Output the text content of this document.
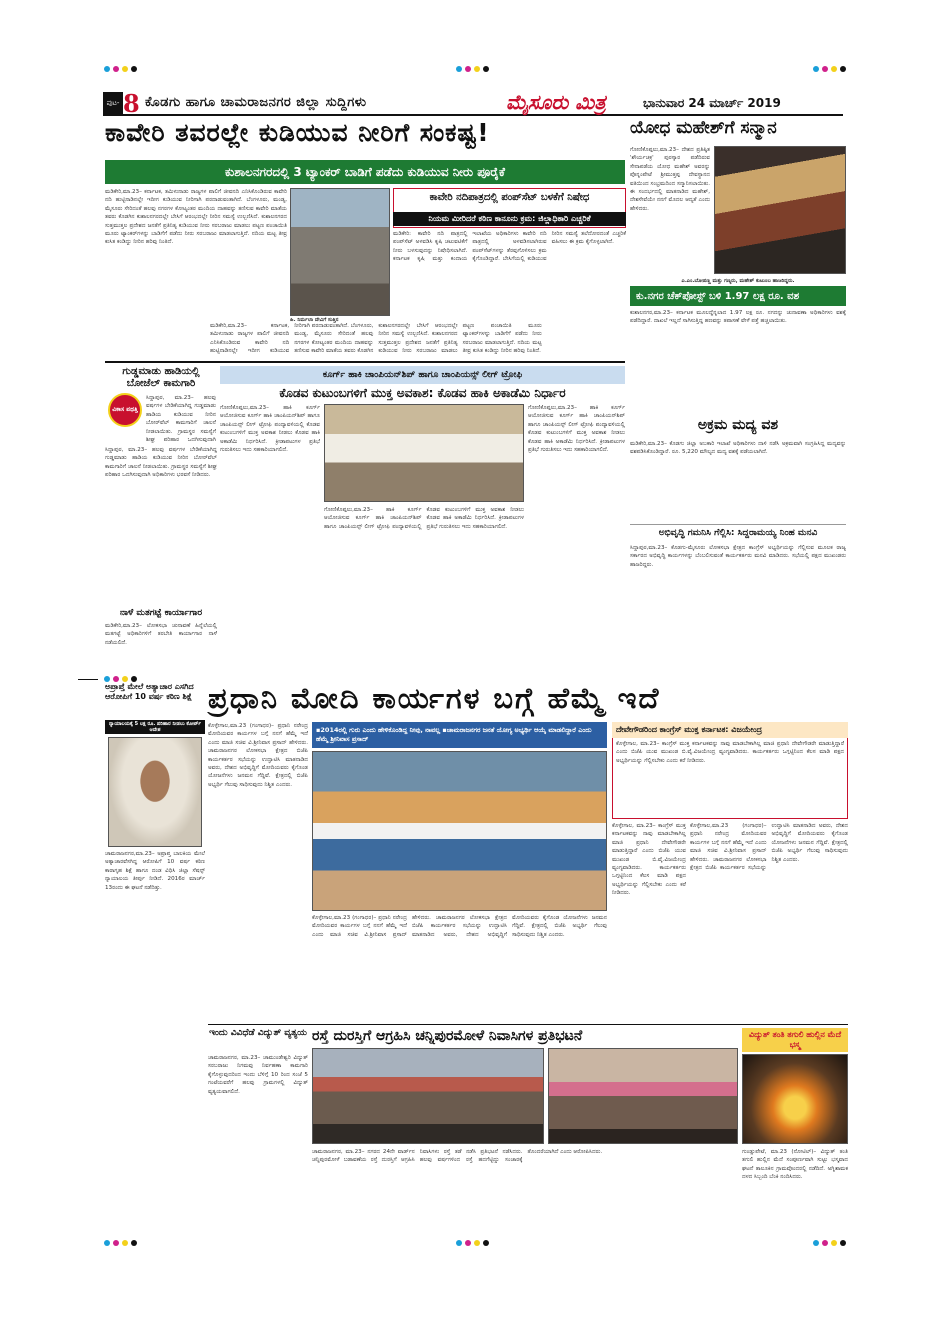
ಪುಟ- 8 ಕೊಡಗು ಹಾಗೂ ಚಾಮರಾಜನಗರ ಜಿಲ್ಲಾ ಸುದ್ದಿಗಳು	ಮೈಸೂರು ಮಿತ್ರ	ಭಾನುವಾರ 24 ಮಾರ್ಚ್ 2019
ಕಾವೇರಿ ತವರಲ್ಲೇ ಕುಡಿಯುವ ನೀರಿಗೆ ಸಂಕಷ್ಟ!
ಕುಶಾಲನಗರದಲ್ಲಿ 3 ಟ್ಯಾಂಕರ್ ಬಾಡಿಗೆ ಪಡೆದು ಕುಡಿಯುವ ನೀರು ಪೂರೈಕೆ
ಹಿ. ನಿರ್ಮಲಾ ದೇವಿಗೆ ಸುತ್ತಿನ
ಮಡಿಕೇರಿ,ಮಾ.23– ಕರ್ನಾಟಕ, ತಮಿಳುನಾಡು ರಾಜ್ಯಗಳ ಪಾಲಿಗೆ ಜೀವನದಿ ಎನಿಸಿಕೊಂಡಿರುವ ಕಾವೇರಿ ನದಿ ಹುಟ್ಟಿನಾಡಿನಲ್ಲೇ ಇದೀಗ ಕುಡಿಯುವ ನೀರಿಗಾಗಿ ಪರದಾಡುವಂತಾಗಿದೆ. ಬೆಂಗಳೂರು, ಮಂಡ್ಯ, ಮೈಸೂರು ಸೇರಿದಂತೆ ಹಲವು ನಗರಗಳ ಕೋಟ್ಯಂತರ ಮಂದಿಯ ದಾಹವನ್ನು ತಣಿಸುವ ಕಾವೇರಿ ಮಾತೆಯ ತವರು ಕೊಡಗಿನ ಕುಶಾಲನಗರದಲ್ಲೇ ಬೇಸಿಗೆ ಆರಂಭದಲ್ಲೇ ನೀರಿನ ಸಮಸ್ಯೆ ಉಲ್ಬಣಿಸಿದೆ. ಕುಶಾಲನಗರದ ಸುತ್ತಮುತ್ತಲ ಪ್ರದೇಶದ ಜನತೆಗೆ ಪ್ರತಿನಿತ್ಯ ಕುಡಿಯುವ ನೀರು ಸರಬರಾಜು ಮಾಡಲು ಪಟ್ಟಣ ಪಂಚಾಯಿತಿ ಮೂರು ಟ್ಯಾಂಕರ್‌ಗಳನ್ನು ಬಾಡಿಗೆಗೆ ಪಡೆದು ನೀರು ಸರಬರಾಜು ಮಾಡಲಾಗುತ್ತಿದೆ. ನದಿಯ ಮಟ್ಟ ತೀವ್ರ ಕುಸಿತ ಕಂಡಿದ್ದು ನೀರಿನ ಹರಿವು ನಿಂತಿದೆ.
ಕಾವೇರಿ ನದಿಪಾತ್ರದಲ್ಲಿ ಪಂಪ್‌ಸೆಟ್ ಬಳಕೆಗೆ ನಿಷೇಧ
ನಿಯಮ ಮೀರಿದರೆ ಕಠಿಣ ಕಾನೂನು ಕ್ರಮ: ಜಿಲ್ಲಾಧಿಕಾರಿ ಎಚ್ಚರಿಕೆ
ಮಡಿಕೇರಿ: ಕಾವೇರಿ ನದಿ ಪಾತ್ರದಲ್ಲಿ ಪಂಪ್‌ಸೆಟ್ ಅಳವಡಿಸಿ ಕೃಷಿ ಚಟುವಟಿಕೆಗೆ ನೀರು ಬಳಸುವುದನ್ನು ನಿಷೇಧಿಸಲಾಗಿದೆ. ಕರ್ನಾಟಕ ಕೃಷಿ ಮತ್ತು ಕಂದಾಯ ಇಲಾಖೆಯ ಅಧಿಕಾರಿಗಳು ಕಾವೇರಿ ನದಿ ಪಾತ್ರದಲ್ಲಿ ಅಳವಡಿಸಲಾಗಿರುವ ಪಂಪ್‌ಸೆಟ್‌ಗಳನ್ನು ತೆರವುಗೊಳಿಸಲು ಕ್ರಮ ಕೈಗೊಂಡಿದ್ದಾರೆ. ಬೇಸಿಗೆಯಲ್ಲಿ ಕುಡಿಯುವ ನೀರಿನ ಸಮಸ್ಯೆ ತಲೆದೋರದಂತೆ ಎಚ್ಚರಿಕೆ ವಹಿಸಲು ಈ ಕ್ರಮ ಕೈಗೊಳ್ಳಲಾಗಿದೆ.
ಮಡಿಕೇರಿ,ಮಾ.23– ಕರ್ನಾಟಕ, ತಮಿಳುನಾಡು ರಾಜ್ಯಗಳ ಪಾಲಿಗೆ ಜೀವನದಿ ಎನಿಸಿಕೊಂಡಿರುವ ಕಾವೇರಿ ನದಿ ಹುಟ್ಟಿನಾಡಿನಲ್ಲೇ ಇದೀಗ ಕುಡಿಯುವ ನೀರಿಗಾಗಿ ಪರದಾಡುವಂತಾಗಿದೆ. ಬೆಂಗಳೂರು, ಮಂಡ್ಯ, ಮೈಸೂರು ಸೇರಿದಂತೆ ಹಲವು ನಗರಗಳ ಕೋಟ್ಯಂತರ ಮಂದಿಯ ದಾಹವನ್ನು ತಣಿಸುವ ಕಾವೇರಿ ಮಾತೆಯ ತವರು ಕೊಡಗಿನ ಕುಶಾಲನಗರದಲ್ಲೇ ಬೇಸಿಗೆ ಆರಂಭದಲ್ಲೇ ನೀರಿನ ಸಮಸ್ಯೆ ಉಲ್ಬಣಿಸಿದೆ. ಕುಶಾಲನಗರದ ಸುತ್ತಮುತ್ತಲ ಪ್ರದೇಶದ ಜನತೆಗೆ ಪ್ರತಿನಿತ್ಯ ಕುಡಿಯುವ ನೀರು ಸರಬರಾಜು ಮಾಡಲು ಪಟ್ಟಣ ಪಂಚಾಯಿತಿ ಮೂರು ಟ್ಯಾಂಕರ್‌ಗಳನ್ನು ಬಾಡಿಗೆಗೆ ಪಡೆದು ನೀರು ಸರಬರಾಜು ಮಾಡಲಾಗುತ್ತಿದೆ. ನದಿಯ ಮಟ್ಟ ತೀವ್ರ ಕುಸಿತ ಕಂಡಿದ್ದು ನೀರಿನ ಹರಿವು ನಿಂತಿದೆ.
ಯೋಧ ಮಹೇಶ್‌ಗೆ ಸನ್ಮಾನ
ಗೋಣಿಕೊಪ್ಪಲು,ಮಾ.23– ದೇಶದ ಪ್ರತಿಷ್ಠಿತ 'ಶೌರ್ಯಚಕ್ರ' ಪುರಸ್ಕಾರ ಪಡೆದಿರುವ ಸೇನಾಪಡೆಯ ಯೋಧ ಮಹೇಶ್ ಅವರನ್ನು ಪೊನ್ನಂಪೇಟೆ ಶ್ರೀಮುತ್ತಪ್ಪ ದೇವಸ್ಥಾನದ ವತಿಯಿಂದ ಸಂಭ್ರಮದಿಂದ ಸನ್ಮಾನಿಸಲಾಯಿತು. ಈ ಸಂದರ್ಭದಲ್ಲಿ ಮಾತನಾಡಿದ ಮಹೇಶ್, ದೇಶಸೇವೆಯೇ ನನಗೆ ಮೊದಲ ಆದ್ಯತೆ ಎಂದು ಹೇಳಿದರು.
ಎ.ಎಂ.ಬೋಪಣ್ಣ ಮತ್ತು ಗಣ್ಯರು, ಮಹೇಶ್ ಕುಟುಂಬ ಹಾಜರಿದ್ದರು.
ಕು.ನಗರ ಚೆಕ್‌ಪೋಸ್ಟ್ ಬಳಿ 1.97 ಲಕ್ಷ ರೂ. ವಶ
ಕುಶಾಲನಗರ,ಮಾ.23– ಕರ್ನಾಟಕ ಮೂಲದ್ದೆನ್ನಲಾದ 1.97 ಲಕ್ಷ ರೂ. ನಗದನ್ನು ಚುನಾವಣಾ ಅಧಿಕಾರಿಗಳು ವಶಕ್ಕೆ ಪಡೆದಿದ್ದಾರೆ. ದಾಖಲೆ ಇಲ್ಲದೆ ಸಾಗಿಸುತ್ತಿದ್ದ ಹಣವನ್ನು ತಪಾಸಣೆ ವೇಳೆ ಪತ್ತೆ ಹಚ್ಚಲಾಯಿತು.
ಅಕ್ರಮ ಮದ್ಯ ವಶ
ಮಡಿಕೇರಿ,ಮಾ.23– ಕೊಡಗು ಜಿಲ್ಲಾ ಅಬಕಾರಿ ಇಲಾಖೆ ಅಧಿಕಾರಿಗಳು ದಾಳಿ ನಡೆಸಿ ಅಕ್ರಮವಾಗಿ ಸಂಗ್ರಹಿಸಿದ್ದ ಮದ್ಯವನ್ನು ವಶಪಡಿಸಿಕೊಂಡಿದ್ದಾರೆ. ರೂ. 5,220 ಮೌಲ್ಯದ ಮದ್ಯ ವಶಕ್ಕೆ ಪಡೆಯಲಾಗಿದೆ.
ಅಭಿವೃದ್ಧಿ ಗಮನಿಸಿ ಗೆಲ್ಲಿಸಿ: ಸಿದ್ದರಾಮಯ್ಯ ನಿಂಹ ಮನವಿ
ಸಿದ್ದಾಪುರ,ಮಾ.23– ಕೊಡಗು-ಮೈಸೂರು ಲೋಕಸಭಾ ಕ್ಷೇತ್ರದ ಕಾಂಗ್ರೆಸ್ ಅಭ್ಯರ್ಥಿಯನ್ನು ಗೆಲ್ಲಿಸುವ ಮೂಲಕ ರಾಜ್ಯ ಸರ್ಕಾರದ ಅಭಿವೃದ್ಧಿ ಕಾರ್ಯಗಳನ್ನು ಬೆಂಬಲಿಸುವಂತೆ ಕಾರ್ಯಕರ್ತರು ಮನವಿ ಮಾಡಿದರು. ಸಭೆಯಲ್ಲಿ ಪಕ್ಷದ ಮುಖಂಡರು ಹಾಜರಿದ್ದರು.
ಗುಡ್ಡಮಾಡು ಹಾಡಿಯಲ್ಲಿ ಬೋಜೆಲ್ ಕಾಮಗಾರಿ
ವಿಕಾಸ ಪಥತ್ತಿ
ಸಿದ್ದಾಪುರ, ಮಾ.23– ಹಲವು ವರ್ಷಗಳ ಬೇಡಿಕೆಯಾಗಿದ್ದ ಗುಡ್ಡಮಾಡು ಹಾಡಿಯ ಕುಡಿಯುವ ನೀರಿನ ಬೋರ್‌ವೆಲ್ ಕಾಮಗಾರಿಗೆ ಚಾಲನೆ ನೀಡಲಾಯಿತು. ಗ್ರಾಮಸ್ಥರ ಸಮಸ್ಯೆಗೆ ಶೀಘ್ರ ಪರಿಹಾರ ಒದಗಿಸುವುದಾಗಿ
ಸಿದ್ದಾಪುರ, ಮಾ.23– ಹಲವು ವರ್ಷಗಳ ಬೇಡಿಕೆಯಾಗಿದ್ದ ಗುಡ್ಡಮಾಡು ಹಾಡಿಯ ಕುಡಿಯುವ ನೀರಿನ ಬೋರ್‌ವೆಲ್ ಕಾಮಗಾರಿಗೆ ಚಾಲನೆ ನೀಡಲಾಯಿತು. ಗ್ರಾಮಸ್ಥರ ಸಮಸ್ಯೆಗೆ ಶೀಘ್ರ ಪರಿಹಾರ ಒದಗಿಸುವುದಾಗಿ ಅಧಿಕಾರಿಗಳು ಭರವಸೆ ನೀಡಿದರು.
ನಾಳೆ ಮತಗಟ್ಟೆ ಕಾರ್ಯಾಗಾರ
ಮಡಿಕೇರಿ,ಮಾ.23– ಲೋಕಸಭಾ ಚುನಾವಣೆ ಹಿನ್ನೆಲೆಯಲ್ಲಿ ಮತಗಟ್ಟೆ ಅಧಿಕಾರಿಗಳಿಗೆ ತರಬೇತಿ ಕಾರ್ಯಾಗಾರ ನಾಳೆ ನಡೆಯಲಿದೆ.
ಕೂರ್ಗ್ ಹಾಕಿ ಚಾಂಪಿಯನ್‌ಶಿಪ್ ಹಾಗೂ ಚಾಂಪಿಯನ್ಸ್ ಲೀಗ್ ಟ್ರೋಫಿ
ಕೊಡವ ಕುಟುಂಬಗಳಿಗೆ ಮುಕ್ತ ಅವಕಾಶ: ಕೊಡವ ಹಾಕಿ ಅಕಾಡೆಮಿ ನಿರ್ಧಾರ
ಗೋಣಿಕೊಪ್ಪಲು,ಮಾ.23– ಹಾಕಿ ಕೂರ್ಗ್ ಆಯೋಜಿಸುವ ಕೂರ್ಗ್ ಹಾಕಿ ಚಾಂಪಿಯನ್‌ಶಿಪ್ ಹಾಗೂ ಚಾಂಪಿಯನ್ಸ್ ಲೀಗ್ ಟ್ರೋಫಿ ಪಂದ್ಯಾವಳಿಯಲ್ಲಿ ಕೊಡವ ಕುಟುಂಬಗಳಿಗೆ ಮುಕ್ತ ಅವಕಾಶ ನೀಡಲು ಕೊಡವ ಹಾಕಿ ಅಕಾಡೆಮಿ ನಿರ್ಧರಿಸಿದೆ. ಕ್ರೀಡಾಪಟುಗಳ ಪ್ರತಿಭೆ ಗುರುತಿಸಲು ಇದು ಸಹಕಾರಿಯಾಗಲಿದೆ.
ಗೋಣಿಕೊಪ್ಪಲು,ಮಾ.23– ಹಾಕಿ ಕೂರ್ಗ್ ಆಯೋಜಿಸುವ ಕೂರ್ಗ್ ಹಾಕಿ ಚಾಂಪಿಯನ್‌ಶಿಪ್ ಹಾಗೂ ಚಾಂಪಿಯನ್ಸ್ ಲೀಗ್ ಟ್ರೋಫಿ ಪಂದ್ಯಾವಳಿಯಲ್ಲಿ ಕೊಡವ ಕುಟುಂಬಗಳಿಗೆ ಮುಕ್ತ ಅವಕಾಶ ನೀಡಲು ಕೊಡವ ಹಾಕಿ ಅಕಾಡೆಮಿ ನಿರ್ಧರಿಸಿದೆ. ಕ್ರೀಡಾಪಟುಗಳ ಪ್ರತಿಭೆ ಗುರುತಿಸಲು ಇದು ಸಹಕಾರಿಯಾಗಲಿದೆ.
ಗೋಣಿಕೊಪ್ಪಲು,ಮಾ.23– ಹಾಕಿ ಕೂರ್ಗ್ ಆಯೋಜಿಸುವ ಕೂರ್ಗ್ ಹಾಕಿ ಚಾಂಪಿಯನ್‌ಶಿಪ್ ಹಾಗೂ ಚಾಂಪಿಯನ್ಸ್ ಲೀಗ್ ಟ್ರೋಫಿ ಪಂದ್ಯಾವಳಿಯಲ್ಲಿ ಕೊಡವ ಕುಟುಂಬಗಳಿಗೆ ಮುಕ್ತ ಅವಕಾಶ ನೀಡಲು ಕೊಡವ ಹಾಕಿ ಅಕಾಡೆಮಿ ನಿರ್ಧರಿಸಿದೆ. ಕ್ರೀಡಾಪಟುಗಳ ಪ್ರತಿಭೆ ಗುರುತಿಸಲು ಇದು ಸಹಕಾರಿಯಾಗಲಿದೆ.
ಅಪ್ರಾಪ್ತೆ ಮೇಲೆ ಅತ್ಯಾಚಾರ ಎಸಗಿದ ಆರೋಪಿಗೆ 10 ವರ್ಷ ಕಠಿಣ ಶಿಕ್ಷೆ
ನ್ಯಾಯಾಲಯಕ್ಕೆ 5 ಲಕ್ಷ ರೂ. ಪರಿಹಾರ ನೀಡಲು ಕೋರ್ಟ್ ಆದೇಶ
ಚಾಮರಾಜನಗರ,ಮಾ.23– ಅಪ್ರಾಪ್ತ ಬಾಲಕಿಯ ಮೇಲೆ ಅತ್ಯಾಚಾರವೆಸಗಿದ್ದ ಆರೋಪಿಗೆ 10 ವರ್ಷ ಕಠಿಣ ಕಾರಾಗೃಹ ಶಿಕ್ಷೆ ಹಾಗೂ ದಂಡ ವಿಧಿಸಿ ಜಿಲ್ಲಾ ಸೆಷನ್ಸ್ ನ್ಯಾಯಾಲಯ ತೀರ್ಪು ನೀಡಿದೆ. 2016ರ ಮಾರ್ಚ್ 13ರಂದು ಈ ಘಟನೆ ನಡೆದಿತ್ತು.
ಪ್ರಧಾನಿ ಮೋದಿ ಕಾರ್ಯಗಳ ಬಗ್ಗೆ ಹೆಮ್ಮೆ ಇದೆ
ಕೊಳ್ಳೇಗಾಲ,ಮಾ.23 (ಗಂಗಾಧರ)– ಪ್ರಧಾನಿ ನರೇಂದ್ರ ಮೋದಿಯವರ ಕಾರ್ಯಗಳ ಬಗ್ಗೆ ನನಗೆ ಹೆಮ್ಮೆ ಇದೆ ಎಂದು ಮಾಜಿ ಸಚಿವ ವಿ.ಶ್ರೀನಿವಾಸ ಪ್ರಸಾದ್ ಹೇಳಿದರು. ಚಾಮರಾಜನಗರ ಲೋಕಸಭಾ ಕ್ಷೇತ್ರದ ಬಿಜೆಪಿ ಕಾರ್ಯಕರ್ತರ ಸಭೆಯನ್ನು ಉದ್ಘಾಟಿಸಿ ಮಾತನಾಡಿದ ಅವರು, ದೇಶದ ಅಭಿವೃದ್ಧಿಗೆ ಮೋದಿಯವರು ಕೈಗೊಂಡ ಯೋಜನೆಗಳು ಜನಮನ ಗೆದ್ದಿವೆ. ಕ್ಷೇತ್ರದಲ್ಲಿ ಬಿಜೆಪಿ ಅಭ್ಯರ್ಥಿ ಗೆಲುವು ಸಾಧಿಸುವುದು ನಿಶ್ಚಿತ ಎಂದರು.
▪2014ರಲ್ಲಿ ಗುರು ಎಂದು ಹೇಳಿಕೊಂಡಿದ್ದ ನೀವು, ನಾವಲ್ಲ ▪ಚಾಮರಾಜನಗರ ಜನತೆ ಯೋಗ್ಯ ಅಭ್ಯರ್ಥಿ ಆಯ್ಕೆ ಮಾಡಲಿದ್ದಾರೆ ಎಂದು ಹೆಮ್ಮೆ ಶ್ರೀನಿವಾಸ ಪ್ರಸಾದ್
ಕೊಳ್ಳೇಗಾಲ,ಮಾ.23 (ಗಂಗಾಧರ)– ಪ್ರಧಾನಿ ನರೇಂದ್ರ ಮೋದಿಯವರ ಕಾರ್ಯಗಳ ಬಗ್ಗೆ ನನಗೆ ಹೆಮ್ಮೆ ಇದೆ ಎಂದು ಮಾಜಿ ಸಚಿವ ವಿ.ಶ್ರೀನಿವಾಸ ಪ್ರಸಾದ್ ಹೇಳಿದರು. ಚಾಮರಾಜನಗರ ಲೋಕಸಭಾ ಕ್ಷೇತ್ರದ ಬಿಜೆಪಿ ಕಾರ್ಯಕರ್ತರ ಸಭೆಯನ್ನು ಉದ್ಘಾಟಿಸಿ ಮಾತನಾಡಿದ ಅವರು, ದೇಶದ ಅಭಿವೃದ್ಧಿಗೆ ಮೋದಿಯವರು ಕೈಗೊಂಡ ಯೋಜನೆಗಳು ಜನಮನ ಗೆದ್ದಿವೆ. ಕ್ಷೇತ್ರದಲ್ಲಿ ಬಿಜೆಪಿ ಅಭ್ಯರ್ಥಿ ಗೆಲುವು ಸಾಧಿಸುವುದು ನಿಶ್ಚಿತ ಎಂದರು.
ಕೊಳ್ಳೇಗಾಲ,ಮಾ.23 (ಗಂಗಾಧರ)– ಪ್ರಧಾನಿ ನರೇಂದ್ರ ಮೋದಿಯವರ ಕಾರ್ಯಗಳ ಬಗ್ಗೆ ನನಗೆ ಹೆಮ್ಮೆ ಇದೆ ಎಂದು ಮಾಜಿ ಸಚಿವ ವಿ.ಶ್ರೀನಿವಾಸ ಪ್ರಸಾದ್ ಹೇಳಿದರು. ಚಾಮರಾಜನಗರ ಲೋಕಸಭಾ ಕ್ಷೇತ್ರದ ಬಿಜೆಪಿ ಕಾರ್ಯಕರ್ತರ ಸಭೆಯನ್ನು ಉದ್ಘಾಟಿಸಿ ಮಾತನಾಡಿದ ಅವರು, ದೇಶದ ಅಭಿವೃದ್ಧಿಗೆ ಮೋದಿಯವರು ಕೈಗೊಂಡ ಯೋಜನೆಗಳು ಜನಮನ ಗೆದ್ದಿವೆ. ಕ್ಷೇತ್ರದಲ್ಲಿ ಬಿಜೆಪಿ ಅಭ್ಯರ್ಥಿ ಗೆಲುವು ಸಾಧಿಸುವುದು ನಿಶ್ಚಿತ ಎಂದರು.
ದೇವೇಗೌಡರಿಂದ ಕಾಂಗ್ರೆಸ್ ಮುಕ್ತ ಕರ್ನಾಟಕ: ವಿಜಯೇಂದ್ರ
ಕೊಳ್ಳೇಗಾಲ, ಮಾ.23– ಕಾಂಗ್ರೆಸ್ ಮುಕ್ತ ಕರ್ನಾಟಕವನ್ನು ನಾವು ಮಾಡಬೇಕಾಗಿಲ್ಲ ಮಾಜಿ ಪ್ರಧಾನಿ ದೇವೇಗೌಡರೇ ಮಾಡುತ್ತಿದ್ದಾರೆ ಎಂದು ಬಿಜೆಪಿ ಯುವ ಮುಖಂಡ ಬಿ.ವೈ.ವಿಜಯೇಂದ್ರ ವ್ಯಂಗ್ಯವಾಡಿದರು. ಕಾರ್ಯಕರ್ತರು ಒಗ್ಗಟ್ಟಿನಿಂದ ಕೆಲಸ ಮಾಡಿ ಪಕ್ಷದ ಅಭ್ಯರ್ಥಿಯನ್ನು ಗೆಲ್ಲಿಸಬೇಕು ಎಂದು ಕರೆ ನೀಡಿದರು.
ಕೊಳ್ಳೇಗಾಲ, ಮಾ.23– ಕಾಂಗ್ರೆಸ್ ಮುಕ್ತ ಕರ್ನಾಟಕವನ್ನು ನಾವು ಮಾಡಬೇಕಾಗಿಲ್ಲ ಮಾಜಿ ಪ್ರಧಾನಿ ದೇವೇಗೌಡರೇ ಮಾಡುತ್ತಿದ್ದಾರೆ ಎಂದು ಬಿಜೆಪಿ ಯುವ ಮುಖಂಡ ಬಿ.ವೈ.ವಿಜಯೇಂದ್ರ ವ್ಯಂಗ್ಯವಾಡಿದರು. ಕಾರ್ಯಕರ್ತರು ಒಗ್ಗಟ್ಟಿನಿಂದ ಕೆಲಸ ಮಾಡಿ ಪಕ್ಷದ ಅಭ್ಯರ್ಥಿಯನ್ನು ಗೆಲ್ಲಿಸಬೇಕು ಎಂದು ಕರೆ ನೀಡಿದರು.
ಇಂದು ವಿವಿಧೆಡೆ ವಿದ್ಯುತ್ ವ್ಯತ್ಯಯ
ಚಾಮರಾಜನಗರ, ಮಾ.23– ಚಾಮುಂಡೇಶ್ವರಿ ವಿದ್ಯುತ್ ಸರಬರಾಜು ನಿಗಮವು ನಿರ್ವಹಣಾ ಕಾಮಗಾರಿ ಕೈಗೊಳ್ಳುವುದರಿಂದ ಇಂದು ಬೆಳಿಗ್ಗೆ 10 ರಿಂದ ಸಂಜೆ 5 ಗಂಟೆಯವರೆಗೆ ಹಲವು ಗ್ರಾಮಗಳಲ್ಲಿ ವಿದ್ಯುತ್ ವ್ಯತ್ಯಯವಾಗಲಿದೆ.
ರಸ್ತೆ ದುರಸ್ತಿಗೆ ಆಗ್ರಹಿಸಿ ಚನ್ನಿಪುರಮೋಳೆ ನಿವಾಸಿಗಳ ಪ್ರತಿಭಟನೆ
ಚಾಮರಾಜನಗರ, ಮಾ.23– ನಗರದ 24ನೇ ವಾರ್ಡ್‌ನ ಚನ್ನಿಪುರಮೋಳೆ ಬಡಾವಣೆಯ ರಸ್ತೆ ದುರಸ್ತಿಗೆ ಆಗ್ರಹಿಸಿ ನಿವಾಸಿಗಳು ರಸ್ತೆ ತಡೆ ನಡೆಸಿ ಪ್ರತಿಭಟನೆ ನಡೆಸಿದರು. ಹಲವು ವರ್ಷಗಳಿಂದ ರಸ್ತೆ ಹದಗೆಟ್ಟಿದ್ದು ಸಂಚಾರಕ್ಕೆ ತೊಂದರೆಯಾಗಿದೆ ಎಂದು ಆರೋಪಿಸಿದರು.
ವಿದ್ಯುತ್ ತಂತಿ ತಗುಲಿ ಹುಲ್ಲಿನ ಮೆದೆ ಭಸ್ಮ
ಗುಂಡ್ಲುಪೇಟೆ, ಮಾ.23 (ನೋಟಿಲ್)– ವಿದ್ಯುತ್ ತಂತಿ ತಗುಲಿ ಹುಲ್ಲಿನ ಮೆದೆ ಸಂಪೂರ್ಣವಾಗಿ ಸುಟ್ಟು ಭಸ್ಮವಾದ ಘಟನೆ ತಾಲೂಕಿನ ಗ್ರಾಮವೊಂದರಲ್ಲಿ ನಡೆದಿದೆ. ಅಗ್ನಿಶಾಮಕ ದಳದ ಸಿಬ್ಬಂದಿ ಬೆಂಕಿ ನಂದಿಸಿದರು.
